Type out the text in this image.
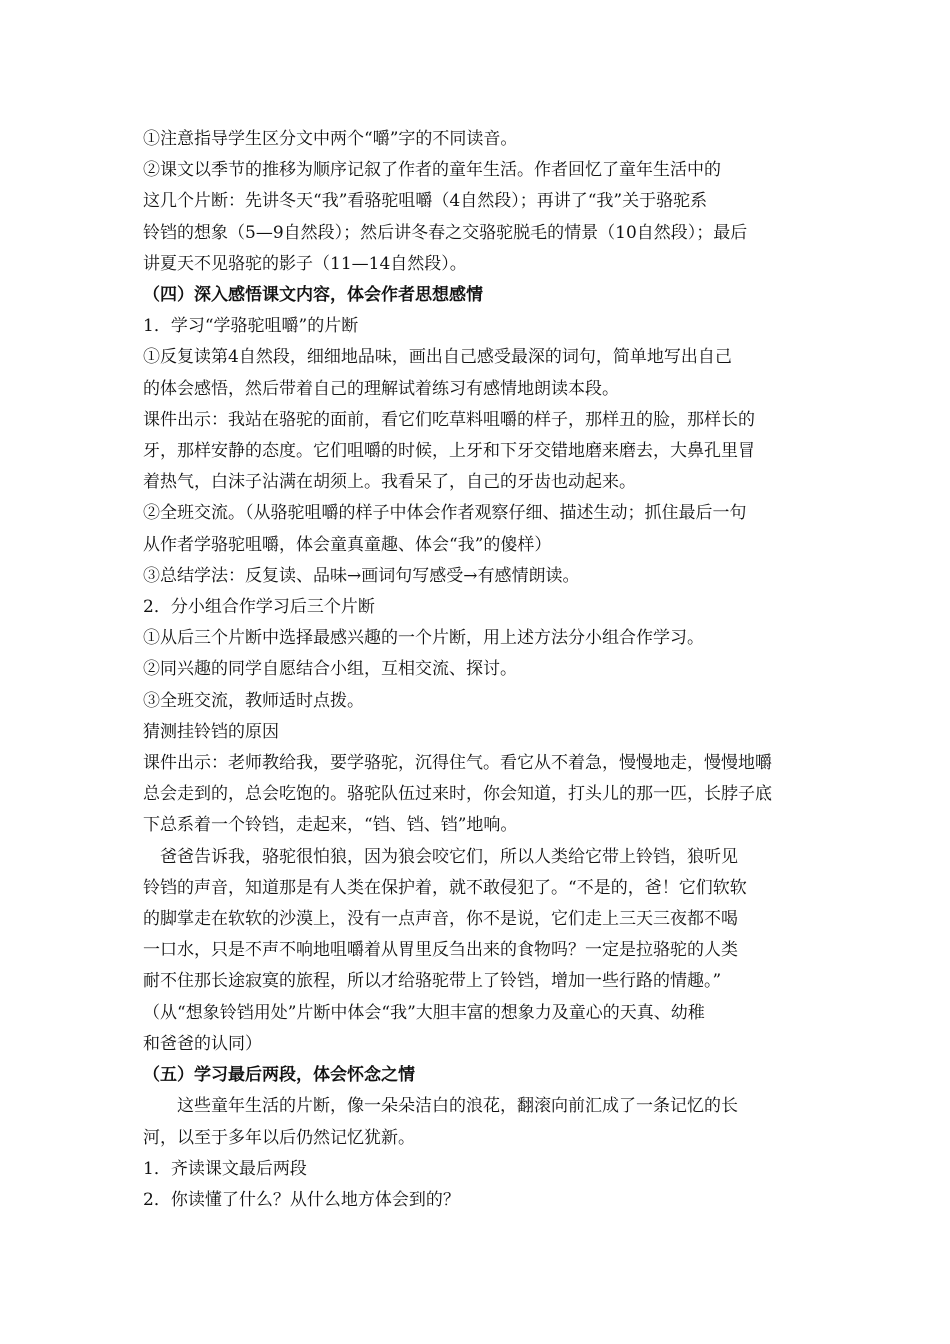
①注意指导学生区分文中两个“嚼”字的不同读音。

②课文以季节的推移为顺序记叙了作者的童年生活。作者回忆了童年生活中的

这几个片断：先讲冬天“我”看骆驼咀嚼（4自然段）；再讲了“我”关于骆驼系

铃铛的想象（5—9自然段）；然后讲冬春之交骆驼脱毛的情景（10自然段）；最后

讲夏天不见骆驼的影子（11—14自然段）。

（四）深入感悟课文内容，体会作者思想感情

1．学习“学骆驼咀嚼”的片断

①反复读第4自然段，细细地品味，画出自己感受最深的词句，简单地写出自己

的体会感悟，然后带着自己的理解试着练习有感情地朗读本段。

课件出示：我站在骆驼的面前，看它们吃草料咀嚼的样子，那样丑的脸，那样长的

牙，那样安静的态度。它们咀嚼的时候，上牙和下牙交错地磨来磨去，大鼻孔里冒

着热气，白沫子沾满在胡须上。我看呆了，自己的牙齿也动起来。

②全班交流。（从骆驼咀嚼的样子中体会作者观察仔细、描述生动；抓住最后一句

从作者学骆驼咀嚼，体会童真童趣、体会“我”的傻样）

③总结学法：反复读、品味→画词句写感受→有感情朗读。

2．分小组合作学习后三个片断

①从后三个片断中选择最感兴趣的一个片断，用上述方法分小组合作学习。

②同兴趣的同学自愿结合小组，互相交流、探讨。

③全班交流，教师适时点拨。

猜测挂铃铛的原因

课件出示：老师教给我，要学骆驼，沉得住气。看它从不着急，慢慢地走，慢慢地嚼

总会走到的，总会吃饱的。骆驼队伍过来时，你会知道，打头儿的那一匹，长脖子底

下总系着一个铃铛，走起来，“铛、铛、铛”地响。

爸爸告诉我，骆驼很怕狼，因为狼会咬它们，所以人类给它带上铃铛，狼听见

铃铛的声音，知道那是有人类在保护着，就不敢侵犯了。“不是的，爸！它们软软

的脚掌走在软软的沙漠上，没有一点声音，你不是说，它们走上三天三夜都不喝

一口水，只是不声不响地咀嚼着从胃里反刍出来的食物吗？一定是拉骆驼的人类

耐不住那长途寂寞的旅程，所以才给骆驼带上了铃铛，增加一些行路的情趣。”

（从“想象铃铛用处”片断中体会“我”大胆丰富的想象力及童心的天真、幼稚

和爸爸的认同）

（五）学习最后两段，体会怀念之情

这些童年生活的片断，像一朵朵洁白的浪花，翻滚向前汇成了一条记忆的长

河，以至于多年以后仍然记忆犹新。

1．齐读课文最后两段

2．你读懂了什么？从什么地方体会到的？
